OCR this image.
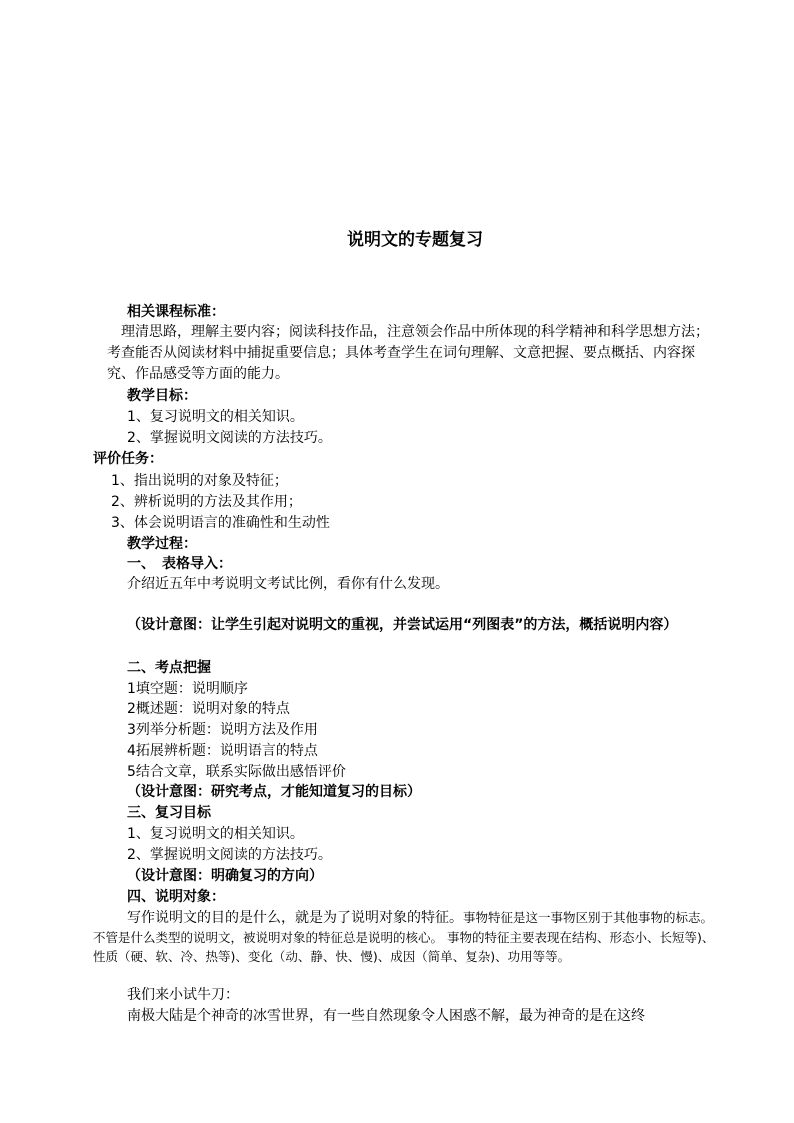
说明文的专题复习
相关课程标准：
理清思路，理解主要内容；阅读科技作品，注意领会作品中所体现的科学精神和科学思想方法；考查能否从阅读材料中捕捉重要信息；具体考查学生在词句理解、文意把握、要点概括、内容探究、作品感受等方面的能力。
教学目标：
1、复习说明文的相关知识。
2、掌握说明文阅读的方法技巧。
评价任务：
1、指出说明的对象及特征；
2、辨析说明的方法及其作用；
3、体会说明语言的准确性和生动性
教学过程：
一、　表格导入：
介绍近五年中考说明文考试比例，看你有什么发现。
（设计意图：让学生引起对说明文的重视，并尝试运用“列图表”的方法，概括说明内容）
二、考点把握
1填空题：说明顺序
2概述题：说明对象的特点
3列举分析题：说明方法及作用
4拓展辨析题：说明语言的特点
5结合文章，联系实际做出感悟评价
（设计意图：研究考点，才能知道复习的目标）
三、复习目标
1、复习说明文的相关知识。
2、掌握说明文阅读的方法技巧。
（设计意图：明确复习的方向）
四、说明对象：
写作说明文的目的是什么，就是为了说明对象的特征。事物特征是这一事物区别于其他事物的标志。不管是什么类型的说明文，被说明对象的特征总是说明的核心。 事物的特征主要表现在结构、形态小、长短等)、性质（硬、软、冷、热等)、变化（动、静、快、慢)、成因（简单、复杂)、功用等等。
我们来小试牛刀：
南极大陆是个神奇的冰雪世界，有一些自然现象令人困惑不解，最为神奇的是在这终
